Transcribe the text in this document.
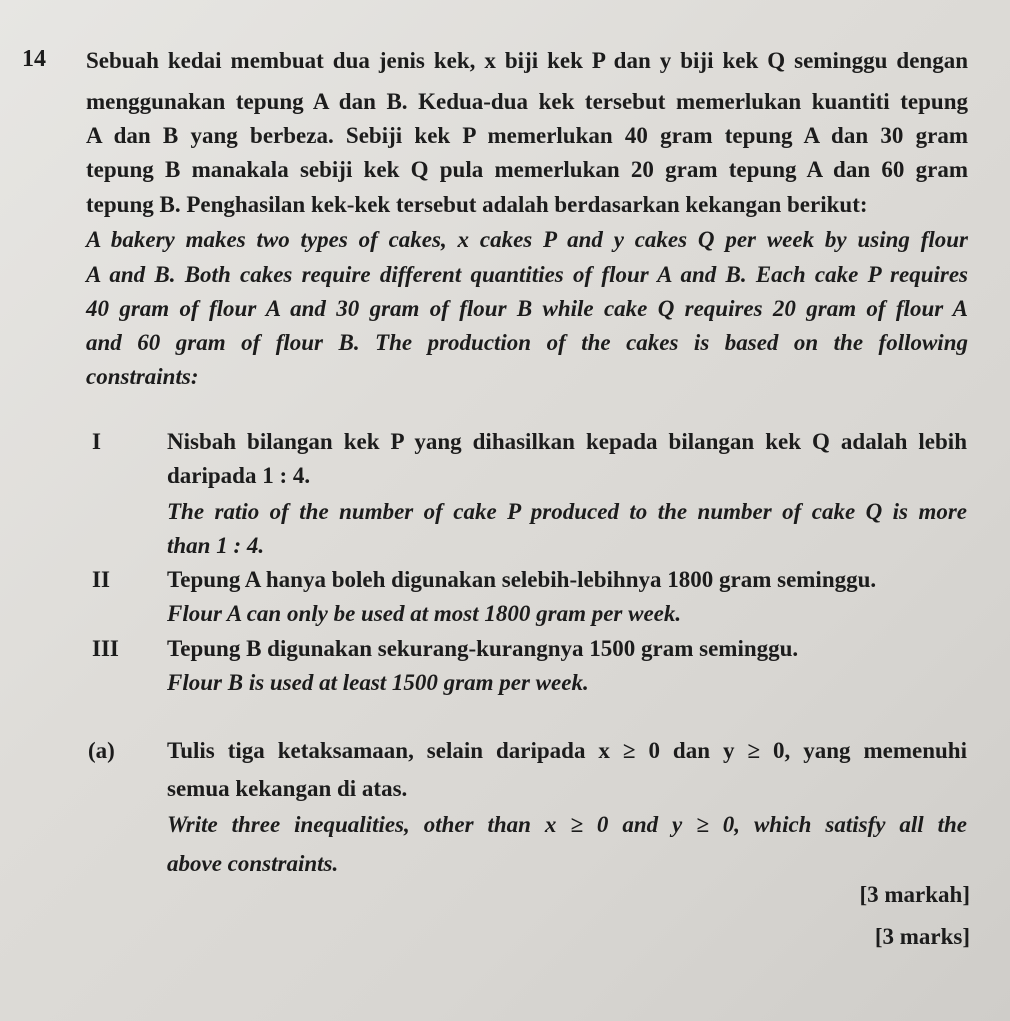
14 Sebuah kedai membuat dua jenis kek, x biji kek P dan y biji kek Q seminggu dengan
menggunakan tepung A dan B. Kedua-dua kek tersebut memerlukan kuantiti tepung
A dan B yang berbeza. Sebiji kek P memerlukan 40 gram tepung A dan 30 gram
tepung B manakala sebiji kek Q pula memerlukan 20 gram tepung A dan 60 gram
tepung B. Penghasilan kek-kek tersebut adalah berdasarkan kekangan berikut:
A bakery makes two types of cakes, x cakes P and y cakes Q per week by using flour
A and B. Both cakes require different quantities of flour A and B. Each cake P requires
40 gram of flour A and 30 gram of flour B while cake Q requires 20 gram of flour A
and 60 gram of flour B. The production of the cakes is based on the following
constraints:
I	Nisbah bilangan kek P yang dihasilkan kepada bilangan kek Q adalah lebih
daripada 1 : 4.
The ratio of the number of cake P produced to the number of cake Q is more
than 1 : 4.
II Tepung A hanya boleh digunakan selebih-lebihnya 1800 gram seminggu.
Flour A can only be used at most 1800 gram per week.
III Tepung B digunakan sekurang-kurangnya 1500 gram seminggu.
Flour B is used at least 1500 gram per week.
(a) Tulis tiga ketaksamaan, selain daripada x ≥ 0 dan y ≥ 0, yang memenuhi
semua kekangan di atas.
Write three inequalities, other than x ≥ 0 and y ≥ 0, which satisfy all the
above constraints.
[3 markah]
[3 marks]
